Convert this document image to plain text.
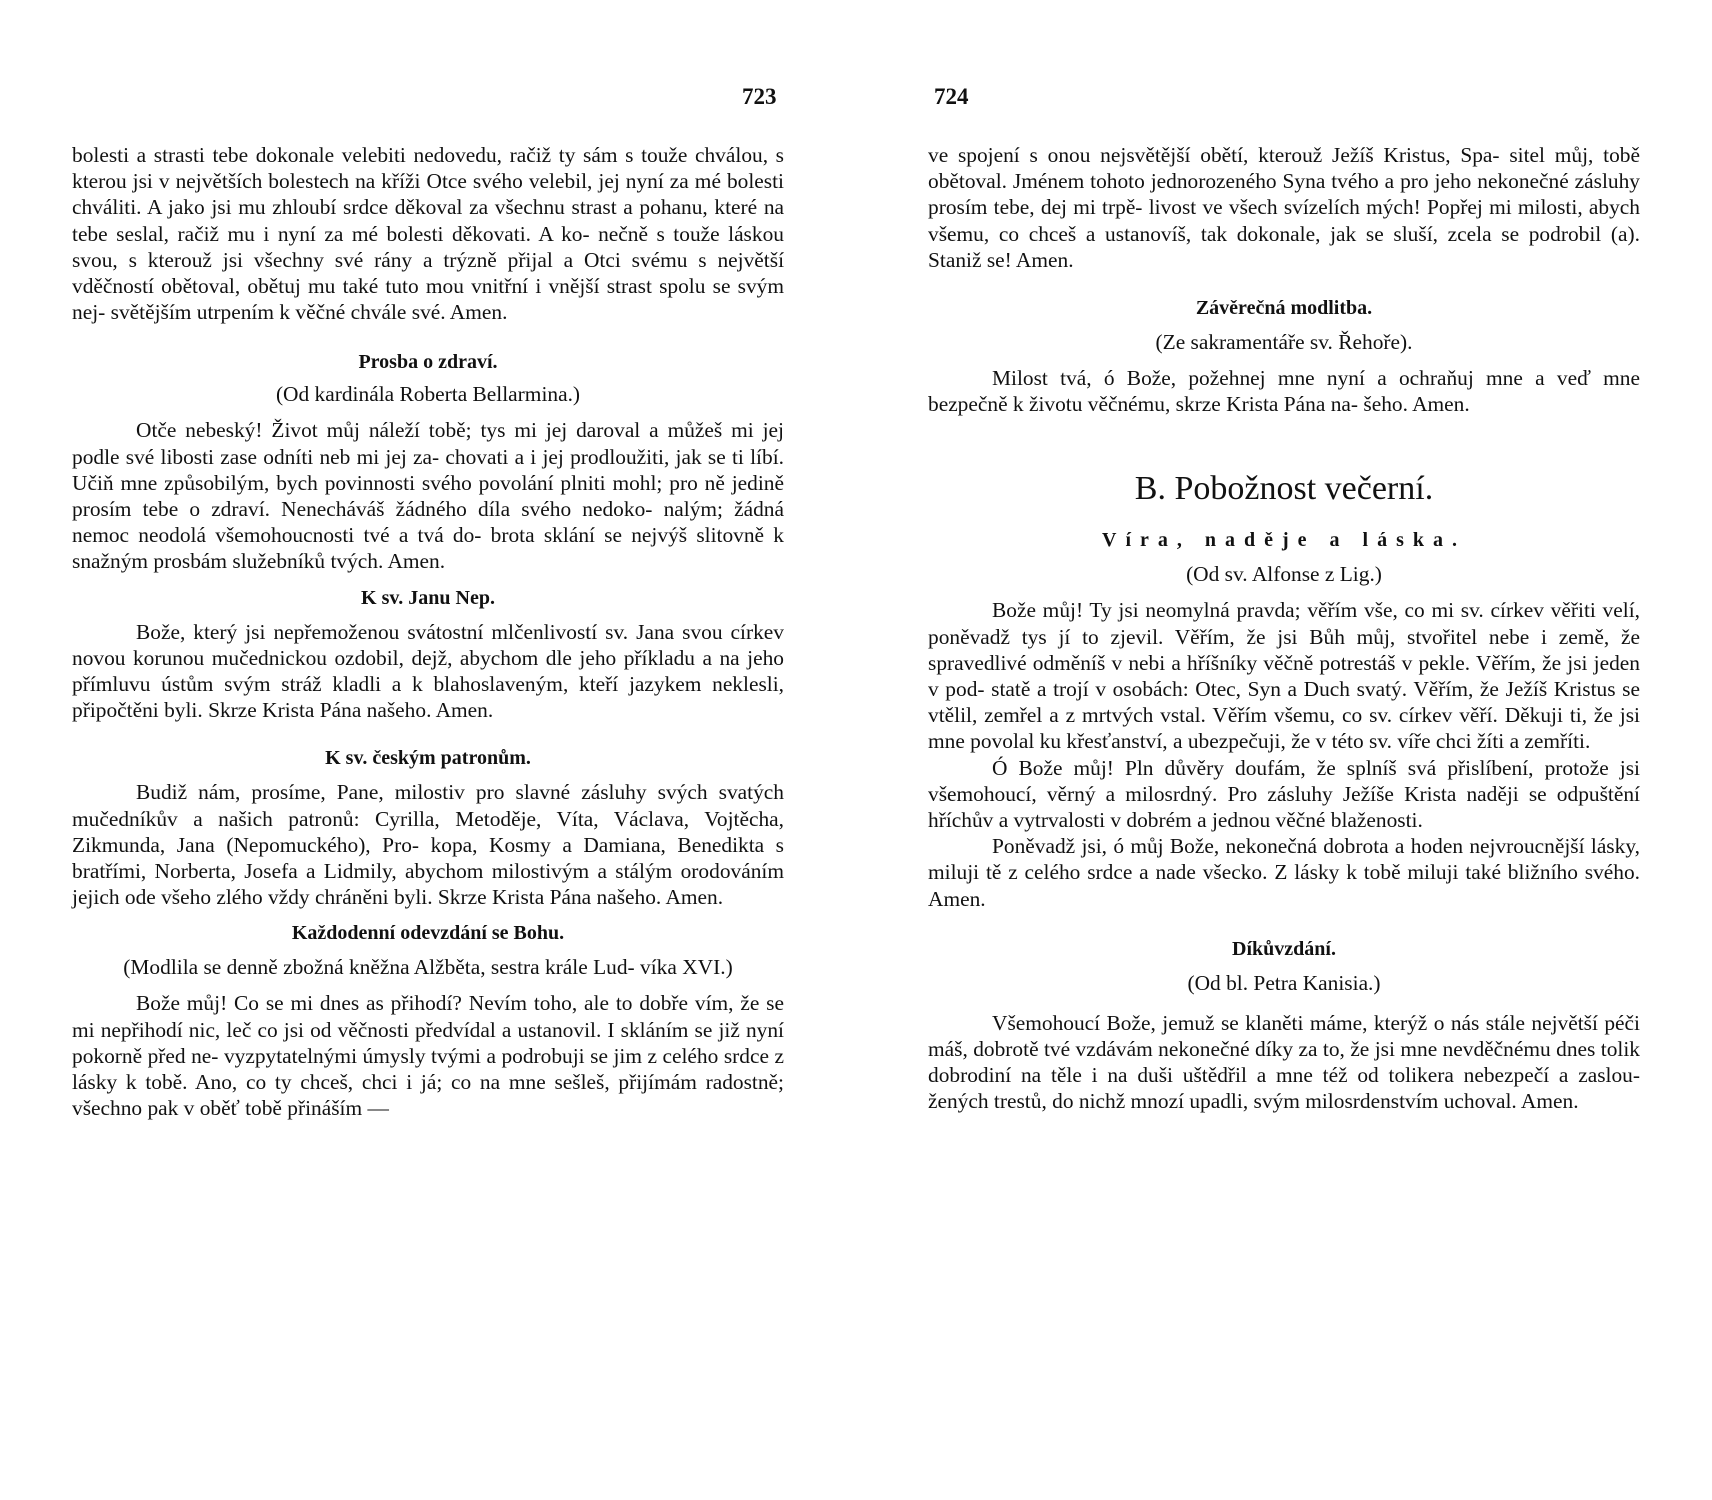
723

bolesti a strasti tebe dokonale velebiti nedovedu, račiž ty sám s touže chválou, s kterou jsi v největších bolestech na kříži Otce svého velebil, jej nyní za mé bolesti chváliti. A jako jsi mu zhloubí srdce děkoval za všechnu strast a pohanu, které na tebe seslal, račiž mu i nyní za mé bolesti děkovati. A ko- nečně s touže láskou svou, s kterouž jsi všechny své rány a trýzně přijal a Otci svému s největší vděčností obětoval, obětuj mu také tuto mou vnitřní i vnější strast spolu se svým nej- světějším utrpením k věčné chvále své. Amen.

Prosba o zdraví.
(Od kardinála Roberta Bellarmina.)

Otče nebeský! Život můj náleží tobě; tys mi jej daroval a můžeš mi jej podle své libosti zase odníti neb mi jej za- chovati a i jej prodloužiti, jak se ti líbí. Učiň mne způsobilým, bych povinnosti svého povolání plniti mohl; pro ně jedině prosím tebe o zdraví. Nenecháváš žádného díla svého nedoko- nalým; žádná nemoc neodolá všemohoucnosti tvé a tvá do- brota sklání se nejvýš slitovně k snažným prosbám služebníků tvých. Amen.

K sv. Janu Nep.

Bože, který jsi nepřemoženou svátostní mlčenlivostí sv. Jana svou církev novou korunou mučednickou ozdobil, dejž, abychom dle jeho příkladu a na jeho přímluvu ústům svým stráž kladli a k blahoslaveným, kteří jazykem neklesli, připočtěni byli. Skrze Krista Pána našeho. Amen.

K sv. českým patronům.

Budiž nám, prosíme, Pane, milostiv pro slavné zásluhy svých svatých mučedníkův a našich patronů: Cyrilla, Metoděje, Víta, Václava, Vojtěcha, Zikmunda, Jana (Nepomuckého), Pro- kopa, Kosmy a Damiana, Benedikta s bratřími, Norberta, Josefa a Lidmily, abychom milostivým a stálým orodováním jejich ode všeho zlého vždy chráněni byli. Skrze Krista Pána našeho. Amen.

Každodenní odevzdání se Bohu.
(Modlila se denně zbožná kněžna Alžběta, sestra krále Lud- víka XVI.)

Bože můj! Co se mi dnes as přihodí? Nevím toho, ale to dobře vím, že se mi nepřihodí nic, leč co jsi od věčnosti předvídal a ustanovil. I skláním se již nyní pokorně před ne- vyzpytatelnými úmysly tvými a podrobuji se jim z celého srdce z lásky k tobě. Ano, co ty chceš, chci i já; co na mne sešleš, přijímám radostně; všechno pak v oběť tobě přináším —

724

ve spojení s onou nejsvětější obětí, kterouž Ježíš Kristus, Spa- sitel můj, tobě obětoval. Jménem tohoto jednorozeného Syna tvého a pro jeho nekonečné zásluhy prosím tebe, dej mi trpě- livost ve všech svízelích mých! Popřej mi milosti, abych všemu, co chceš a ustanovíš, tak dokonale, jak se sluší, zcela se podrobil (a). Staniž se! Amen.

Závěrečná modlitba.
(Ze sakramentáře sv. Řehoře).

Milost tvá, ó Bože, požehnej mne nyní a ochraňuj mne a veď mne bezpečně k životu věčnému, skrze Krista Pána na- šeho. Amen.

B. Pobožnost večerní.
Víra, naděje a láska.
(Od sv. Alfonse z Lig.)

Bože můj! Ty jsi neomylná pravda; věřím vše, co mi sv. církev věřiti velí, poněvadž tys jí to zjevil. Věřím, že jsi Bůh můj, stvořitel nebe i země, že spravedlivé odměníš v nebi a hříšníky věčně potrestáš v pekle. Věřím, že jsi jeden v pod- statě a trojí v osobách: Otec, Syn a Duch svatý. Věřím, že Ježíš Kristus se vtělil, zemřel a z mrtvých vstal. Věřím všemu, co sv. církev věří. Děkuji ti, že jsi mne povolal ku křesťanství, a ubezpečuji, že v této sv. víře chci žíti a zemříti.

Ó Bože můj! Pln důvěry doufám, že splníš svá přislíbení, protože jsi všemohoucí, věrný a milosrdný. Pro zásluhy Ježíše Krista naději se odpuštění hříchův a vytrvalosti v dobrém a jednou věčné blaženosti.

Poněvadž jsi, ó můj Bože, nekonečná dobrota a hoden nejvroucnější lásky, miluji tě z celého srdce a nade všecko. Z lásky k tobě miluji také bližního svého. Amen.

Díkůvzdání.
(Od bl. Petra Kanisia.)

Všemohoucí Bože, jemuž se klaněti máme, kterýž o nás stále největší péči máš, dobrotě tvé vzdávám nekonečné díky za to, že jsi mne nevděčnému dnes tolik dobrodiní na těle i na duši uštědřil a mne též od tolikera nebezpečí a zaslou- žených trestů, do nichž mnozí upadli, svým milosrdenstvím uchoval. Amen.
